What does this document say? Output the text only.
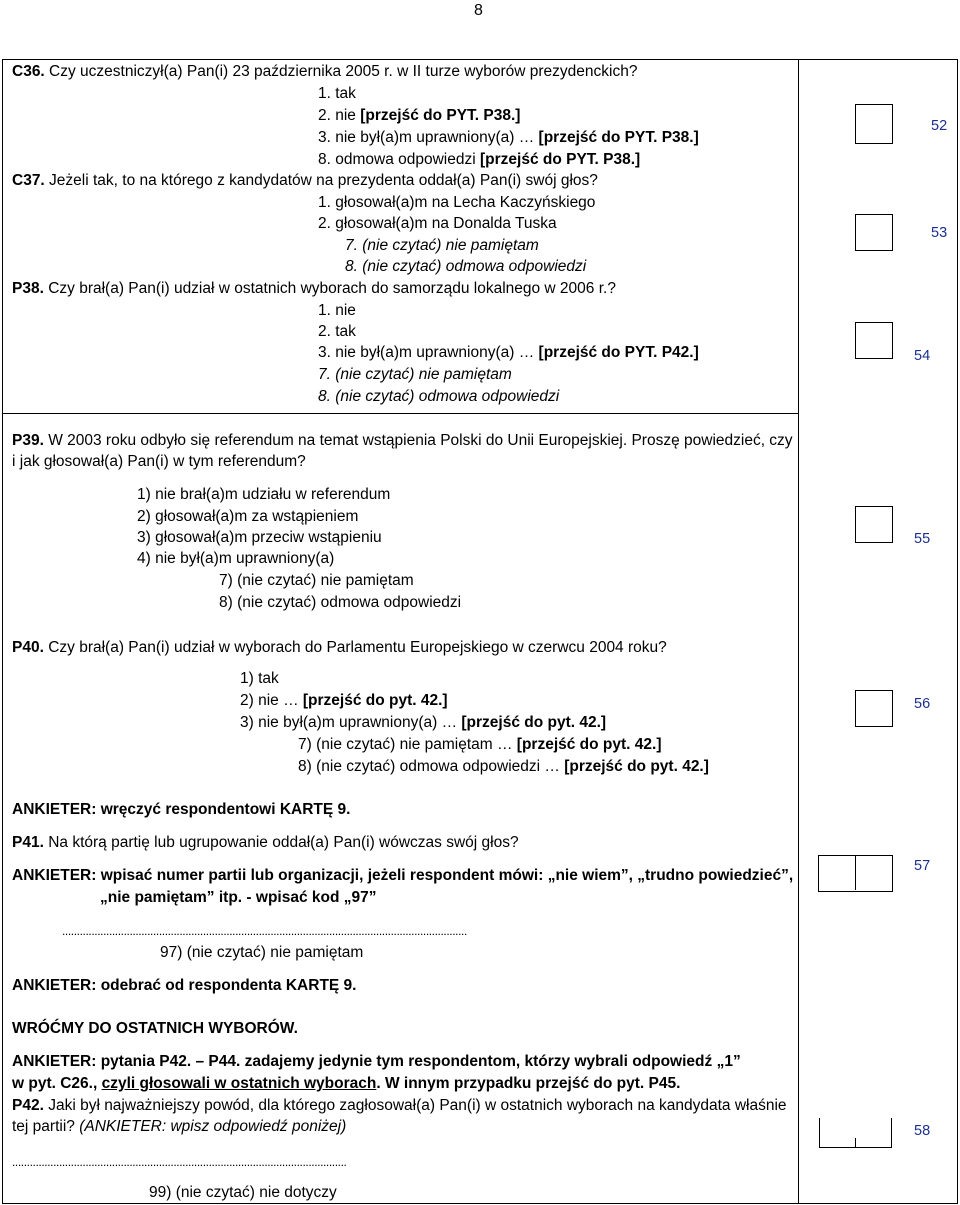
8
C36. Czy uczestniczył(a) Pan(i) 23 października 2005 r. w II turze wyborów prezydenckich?
1. tak
2. nie [przejść do PYT. P38.]
3. nie był(a)m uprawniony(a) … [przejść do PYT. P38.]
8. odmowa odpowiedzi [przejść do PYT. P38.]
52
C37. Jeżeli tak, to na którego z kandydatów na prezydenta oddał(a) Pan(i) swój głos?
1. głosował(a)m na Lecha Kaczyńskiego
2. głosował(a)m na Donalda Tuska
7. (nie czytać) nie pamiętam
8. (nie czytać) odmowa odpowiedzi
53
P38. Czy brał(a) Pan(i) udział w ostatnich wyborach do samorządu lokalnego w 2006 r.?
1. nie
2. tak
3. nie był(a)m uprawniony(a) … [przejść do PYT. P42.]
7. (nie czytać) nie pamiętam
8. (nie czytać) odmowa odpowiedzi
54
P39. W 2003 roku odbyło się referendum na temat wstąpienia Polski do Unii Europejskiej. Proszę powiedzieć, czy
i jak głosował(a) Pan(i) w tym referendum?
1) nie brał(a)m udziału w referendum
2) głosował(a)m za wstąpieniem
3) głosował(a)m przeciw wstąpieniu
4) nie był(a)m uprawniony(a)
7) (nie czytać) nie pamiętam
8) (nie czytać) odmowa odpowiedzi
55
P40. Czy brał(a) Pan(i) udział w wyborach do Parlamentu Europejskiego w czerwcu 2004 roku?
1) tak
2) nie … [przejść do pyt. 42.]
3) nie był(a)m uprawniony(a) … [przejść do pyt. 42.]
7) (nie czytać) nie pamiętam … [przejść do pyt. 42.]
8) (nie czytać) odmowa odpowiedzi … [przejść do pyt. 42.]
56
ANKIETER: wręczyć respondentowi KARTĘ 9.
P41. Na którą partię lub ugrupowanie oddał(a) Pan(i) wówczas swój głos?
ANKIETER: wpisać numer partii lub organizacji, jeżeli respondent mówi: „nie wiem”, „trudno powiedzieć”,
„nie pamiętam” itp. - wpisać kod „97”
..........................................................................................................................................
97) (nie czytać) nie pamiętam
57
ANKIETER: odebrać od respondenta KARTĘ 9.
WRÓĆMY DO OSTATNICH WYBORÓW.
ANKIETER: pytania P42. – P44. zadajemy jedynie tym respondentom, którzy wybrali odpowiedź „1”
w pyt. C26., czyli głosowali w ostatnich wyborach. W innym przypadku przejść do pyt. P45.
P42. Jaki był najważniejszy powód, dla którego zagłosował(a) Pan(i) w ostatnich wyborach na kandydata właśnie
tej partii? (ANKIETER: wpisz odpowiedź poniżej)
..................................................................................................................
99) (nie czytać) nie dotyczy
58
